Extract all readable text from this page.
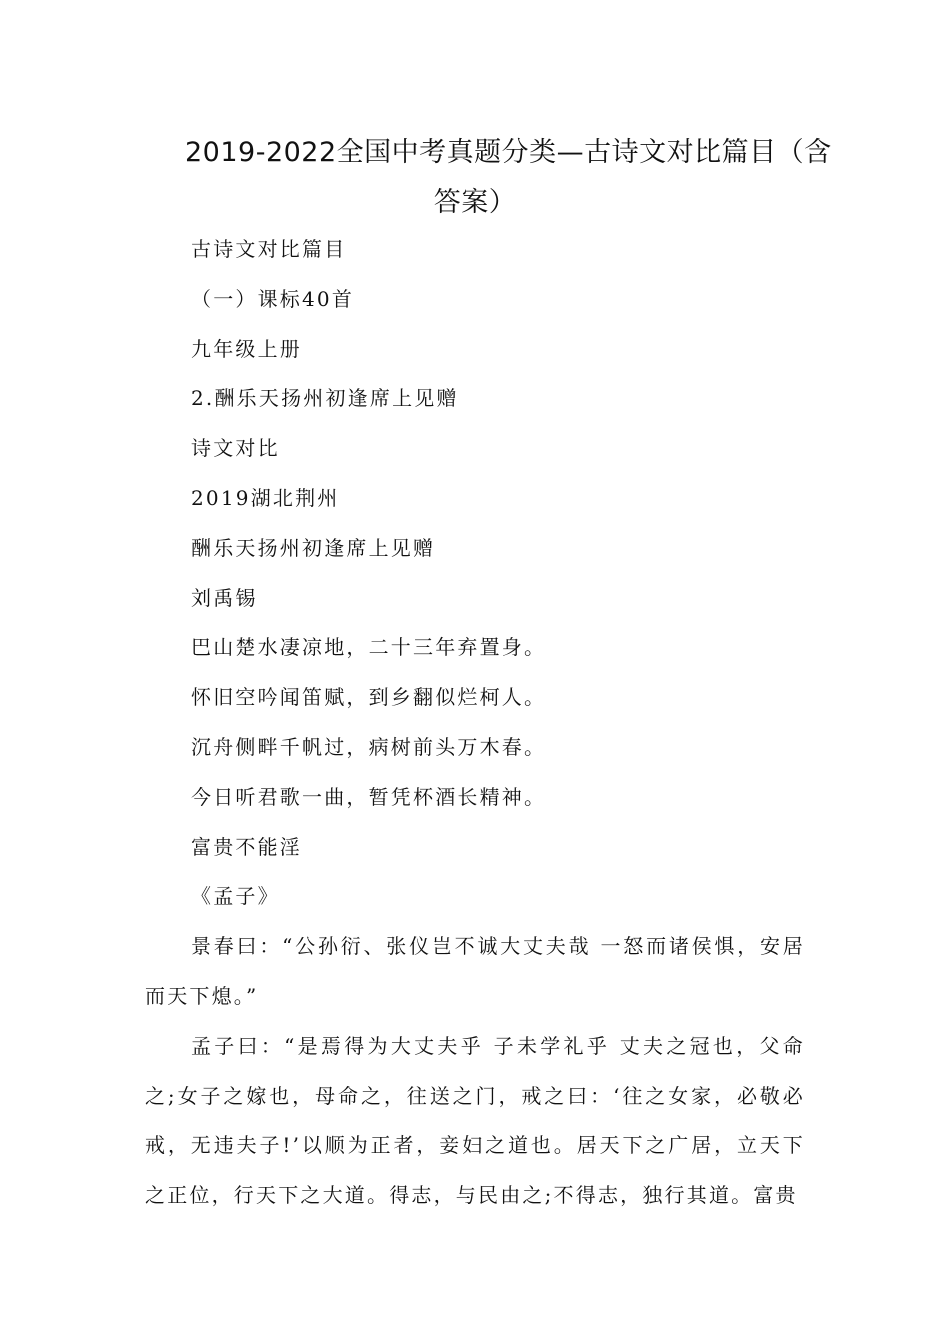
2019-2022全国中考真题分类—古诗文对比篇目（含
答案）

古诗文对比篇目

（一）课标40首

九年级上册

2.酬乐天扬州初逢席上见赠

诗文对比

2019湖北荆州

酬乐天扬州初逢席上见赠

刘禹锡

巴山楚水凄凉地，二十三年弃置身。

怀旧空吟闻笛赋，到乡翻似烂柯人。

沉舟侧畔千帆过，病树前头万木春。

今日听君歌一曲，暂凭杯酒长精神。

富贵不能淫

《孟子》

景春曰：“公孙衍、张仪岂不诚大丈夫哉 一怒而诸侯惧，安居而天下熄。”

孟子曰：“是焉得为大丈夫乎 子未学礼乎 丈夫之冠也，父命之;女子之嫁也，母命之，往送之门，戒之曰：‘往之女家，必敬必戒，无违夫子!’以顺为正者，妾妇之道也。居天下之广居，立天下之正位，行天下之大道。得志，与民由之;不得志，独行其道。富贵
